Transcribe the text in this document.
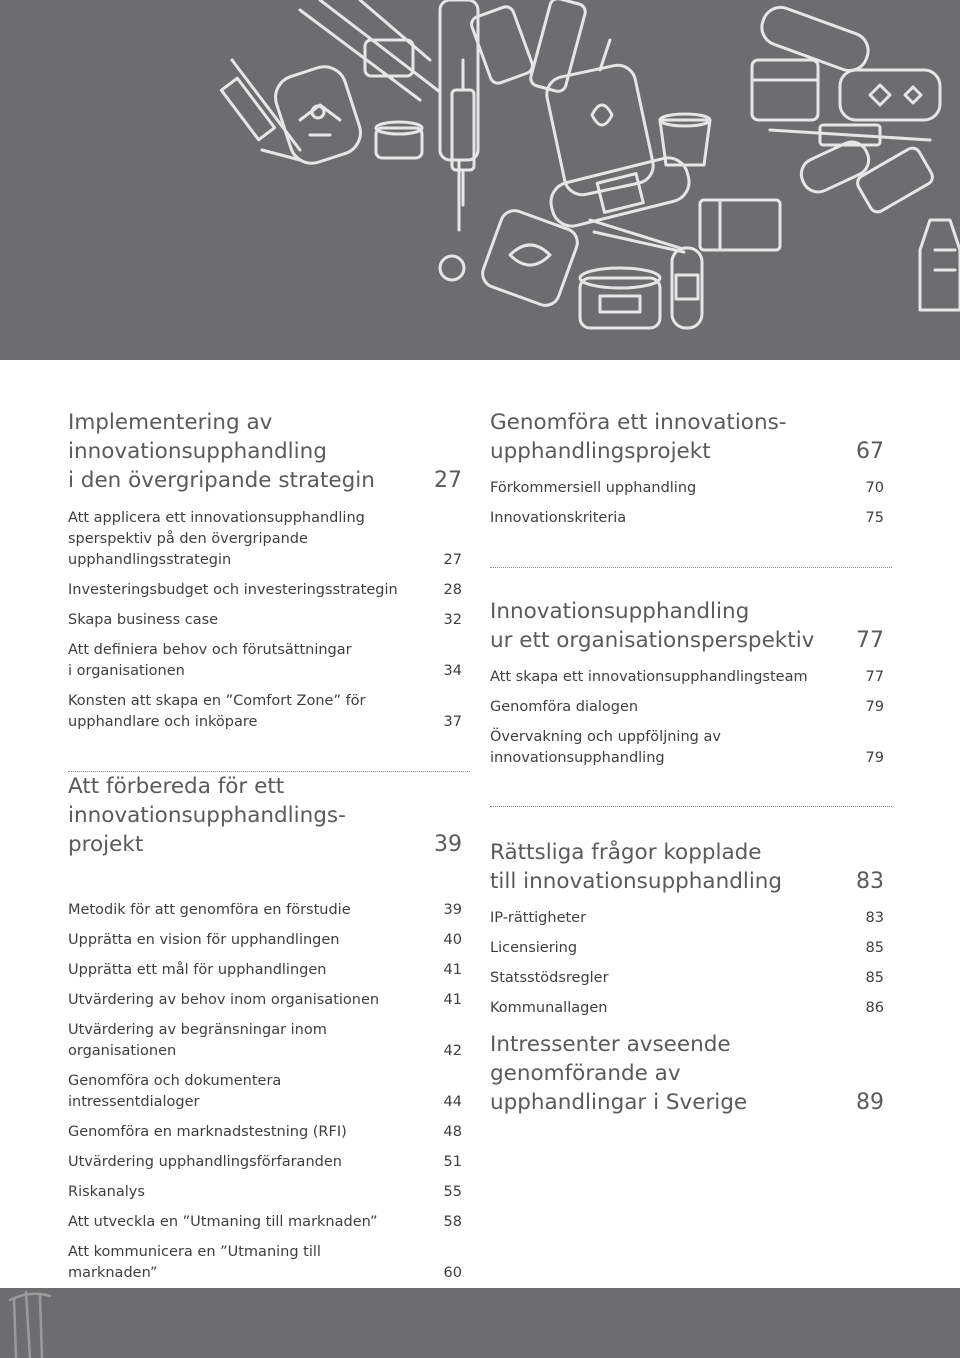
Implementering av
innovationsupphandling
i den övergripande strategin	27
Att applicera ett innovationsupphandling
sperspektiv på den övergripande
upphandlingsstrategin	27
Investeringsbudget och investeringsstrategin	28
Skapa business case	32
Att definiera behov och förutsättningar
i organisationen	34
Konsten att skapa en ”Comfort Zone” för
upphandlare och inköpare	37
Att förbereda för ett
innovationsupphandlings-
projekt	39
Metodik för att genomföra en förstudie	39
Upprätta en vision för upphandlingen	40
Upprätta ett mål för upphandlingen	41
Utvärdering av behov inom organisationen	41
Utvärdering av begränsningar inom
organisationen	42
Genomföra och dokumentera intressentdialoger	44
Genomföra en marknadstestning (RFI)	48
Utvärdering upphandlingsförfaranden	51
Riskanalys	55
Att utveckla en ”Utmaning till marknaden”	58
Att kommunicera en ”Utmaning till marknaden”	60
Genomföra ett innovations-
upphandlingsprojekt	67
Förkommersiell upphandling	70
Innovationskriteria	75
Innovationsupphandling
ur ett organisationsperspektiv	77
Att skapa ett innovationsupphandlingsteam	77
Genomföra dialogen	79
Övervakning och uppföljning av
innovationsupphandling	79
Rättsliga frågor kopplade
till innovationsupphandling	83
IP-rättigheter	83
Licensiering	85
Statsstödsregler	85
Kommunallagen	86
Intressenter avseende
genomförande av
upphandlingar i Sverige	89
